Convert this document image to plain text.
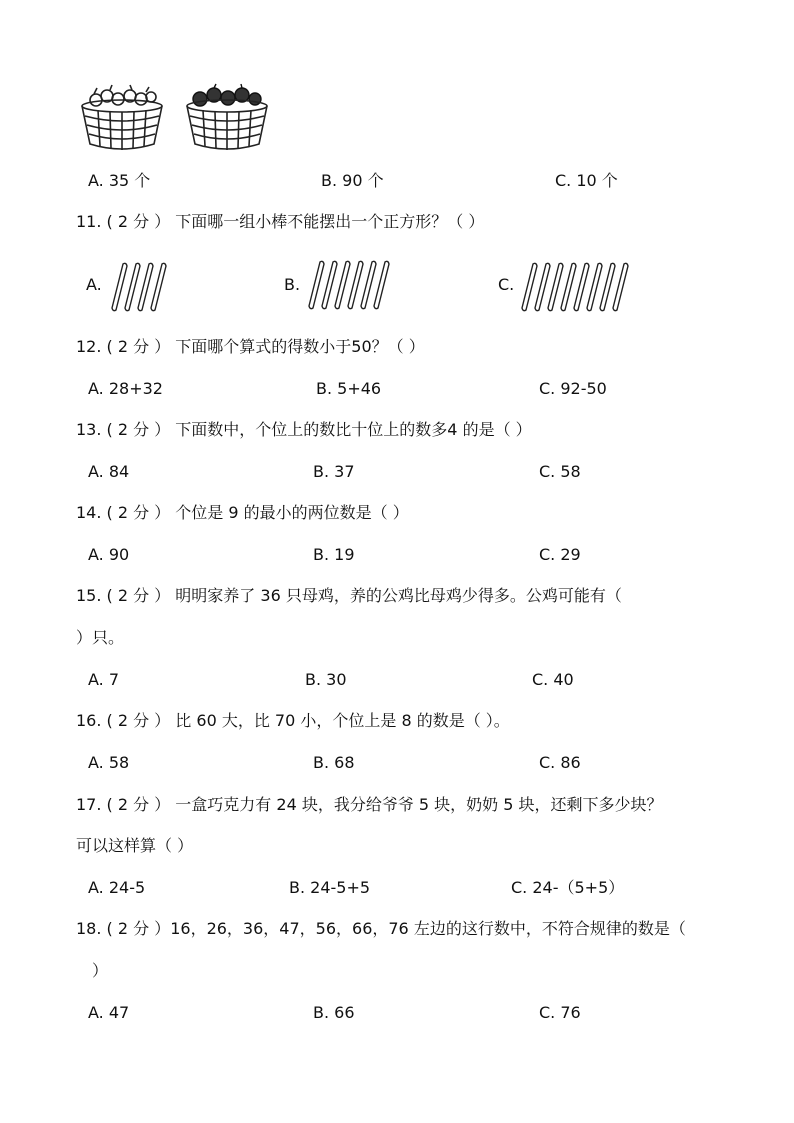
A. 35 个	B. 90 个	C. 10 个
11. ( 2 分 ） 下面哪一组小棒不能摆出一个正方形？（ ）
A.	B.	C.
12. ( 2 分 ） 下面哪个算式的得数小于50？（ ）
A. 28+32	B. 5+46	C. 92-50
13. ( 2 分 ） 下面数中，个位上的数比十位上的数多4 的是（ ）
A. 84	B. 37	C. 58
14. ( 2 分 ） 个位是 9 的最小的两位数是（ ）
A. 90	B. 19	C. 29
15. ( 2 分 ） 明明家养了 36 只母鸡，养的公鸡比母鸡少得多。公鸡可能有（
）只。
A. 7	B. 30	C. 40
16. ( 2 分 ） 比 60 大，比 70 小，个位上是 8 的数是（ ）。
A. 58	B. 68	C. 86
17. ( 2 分 ） 一盒巧克力有 24 块，我分给爷爷 5 块，奶奶 5 块，还剩下多少块？
可以这样算（ ）
A. 24-5	B. 24-5+5	C. 24-（5+5）
18. ( 2 分 ）16，26，36，47，56，66，76 左边的这行数中，不符合规律的数是（
）
A. 47	B. 66	C. 76
